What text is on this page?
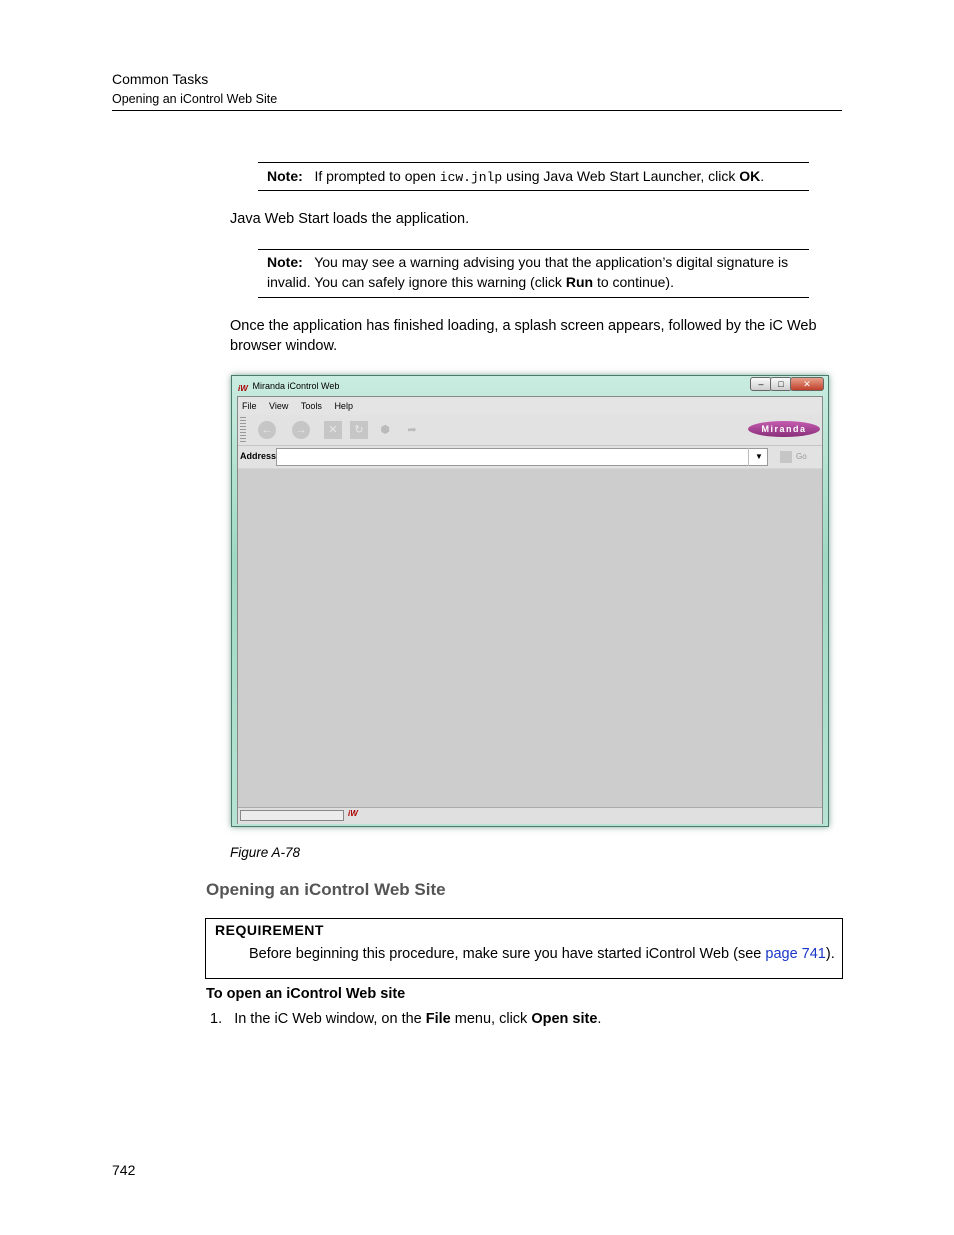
Common Tasks
Opening an iControl Web Site
Note: If prompted to open icw.jnlp using Java Web Start Launcher, click OK.
Java Web Start loads the application.
Note: You may see a warning advising you that the application’s digital signature is
invalid. You can safely ignore this warning (click Run to continue).
Once the application has finished loading, a splash screen appears, followed by the iC Web
browser window.
iW Miranda iControl Web	– □ ✕
File View Tools Help
←	→	✕	↻	⬢	➦	Miranda
Address	▼	Go
iW
Figure A-78
Opening an iControl Web Site
REQUIREMENT
Before beginning this procedure, make sure you have started iControl Web (see page 741).
To open an iControl Web site
1. In the iC Web window, on the File menu, click Open site.
742
